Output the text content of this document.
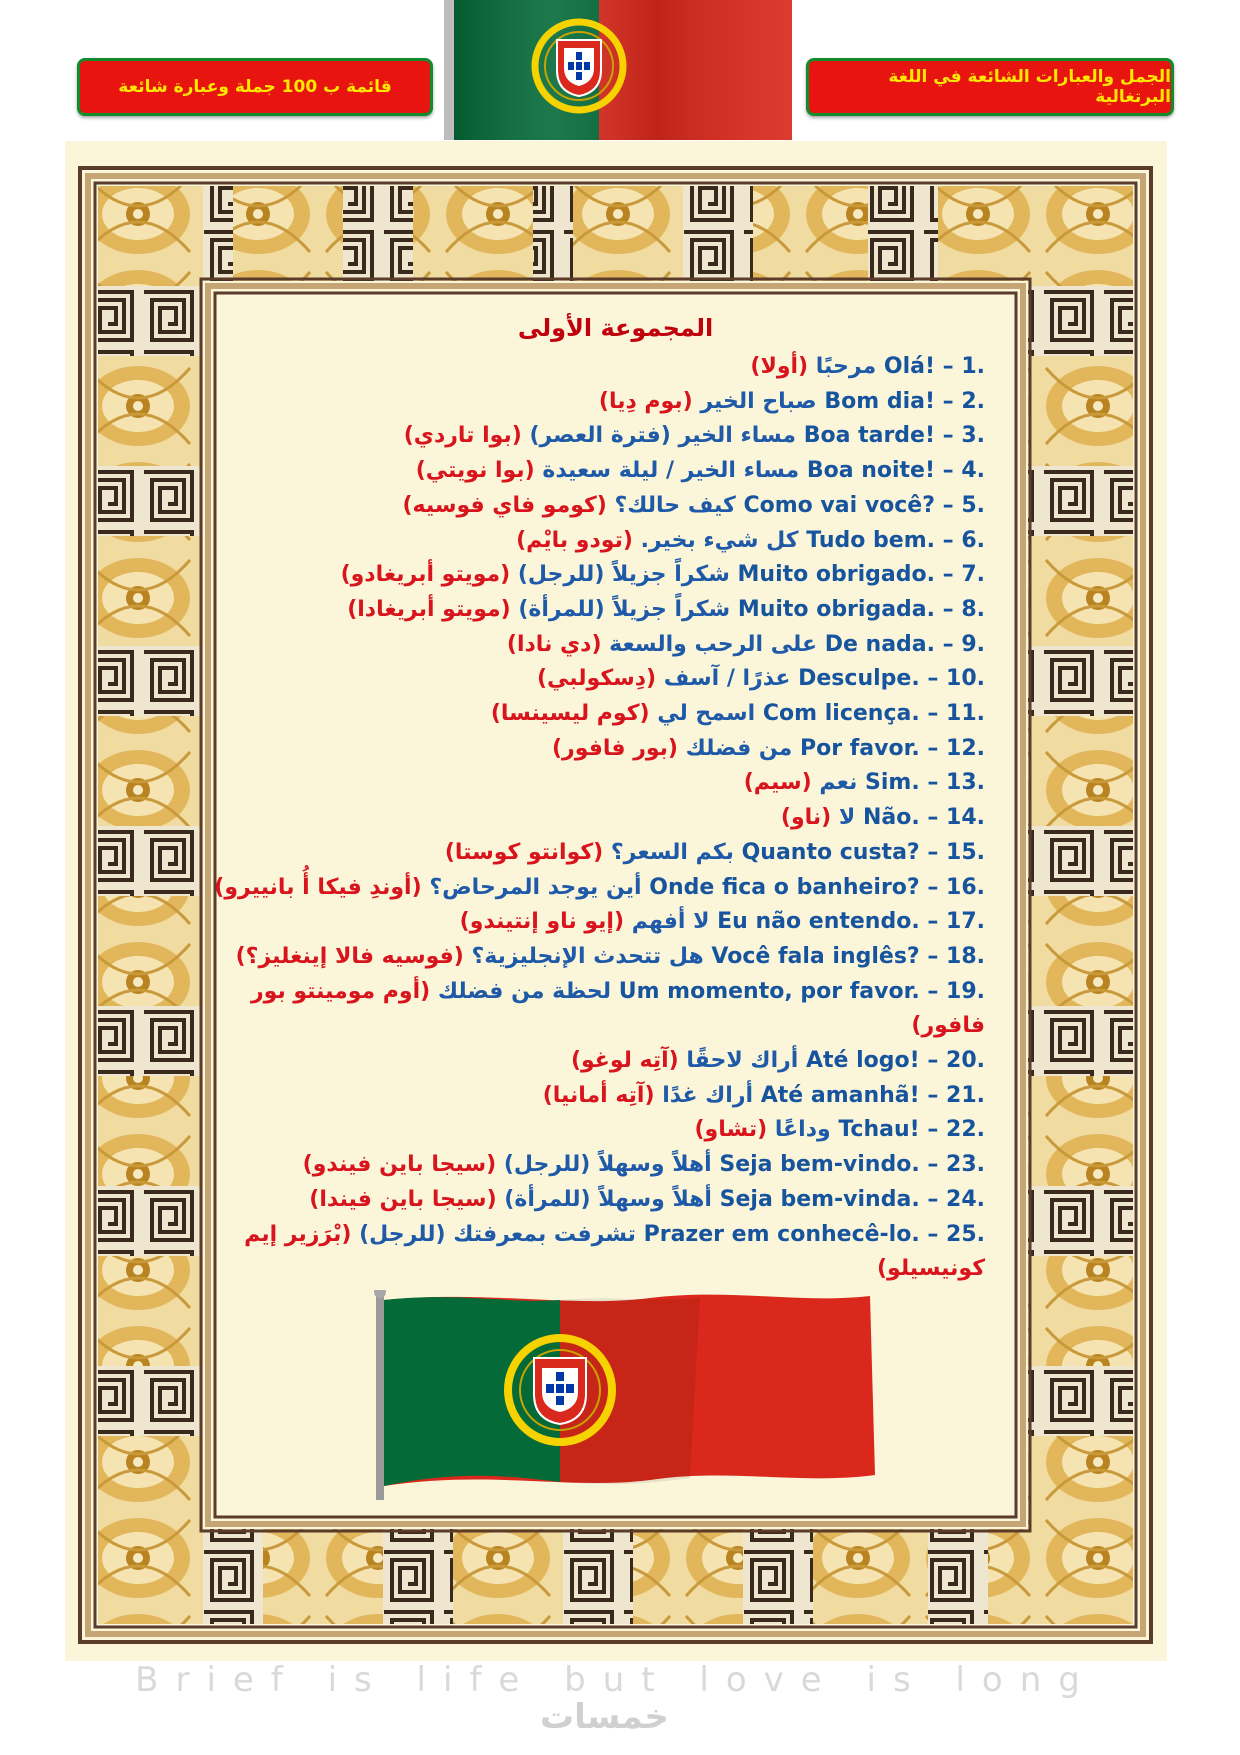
قائمة ب 100 جملة وعبارة شائعة	الجمل والعبارات الشائعة في اللغة البرتغالية
المجموعة الأولى
1. Olá! – مرحبًا (أولا)
2. Bom dia! – صباح الخير (بوم دِيا)
3. Boa tarde! – مساء الخير (فترة العصر) (بوا تاردي)
4. Boa noite! – مساء الخير / ليلة سعيدة (بوا نويتي)
5. Como vai você? – كيف حالك؟ (كومو فاي فوسيه)
6. Tudo bem. – كل شيء بخير. (تودو بايْم)
7. Muito obrigado. – شكراً جزيلاً (للرجل) (مويتو أبريغادو)
8. Muito obrigada. – شكراً جزيلاً (للمرأة) (مويتو أبريغادا)
9. De nada. – على الرحب والسعة (دي نادا)
10. Desculpe. – عذرًا / آسف (دِسكولبي)
11. Com licença. – اسمح لي (كوم ليسينسا)
12. Por favor. – من فضلك (بور فافور)
13. Sim. – نعم (سيم)
14. Não. – لا (ناو)
15. Quanto custa? – بكم السعر؟ (كوانتو كوستا)
16. Onde fica o banheiro? – أين يوجد المرحاض؟ (أوندِ فيكا أُ بانييرو)
17. Eu não entendo. – لا أفهم (إيو ناو إنتيندو)
18. Você fala inglês? – هل تتحدث الإنجليزية؟ (فوسيه فالا إينغليز؟)
19. Um momento, por favor. – لحظة من فضلك (أوم مومينتو بور فافور)
20. Até logo! – أراك لاحقًا (آتِه لوغو)
21. Até amanhã! – أراك غدًا (آتِه أمانيا)
22. Tchau! – وداعًا (تشاو)
23. Seja bem-vindo. – أهلاً وسهلاً (للرجل) (سيجا باين فيندو)
24. Seja bem-vinda. – أهلاً وسهلاً (للمرأة) (سيجا باين فيندا)
25. Prazer em conhecê-lo. – تشرفت بمعرفتك (للرجل) (بْرَزير إيم كونيسيلو)
Brief is life but love is long
خمسات
